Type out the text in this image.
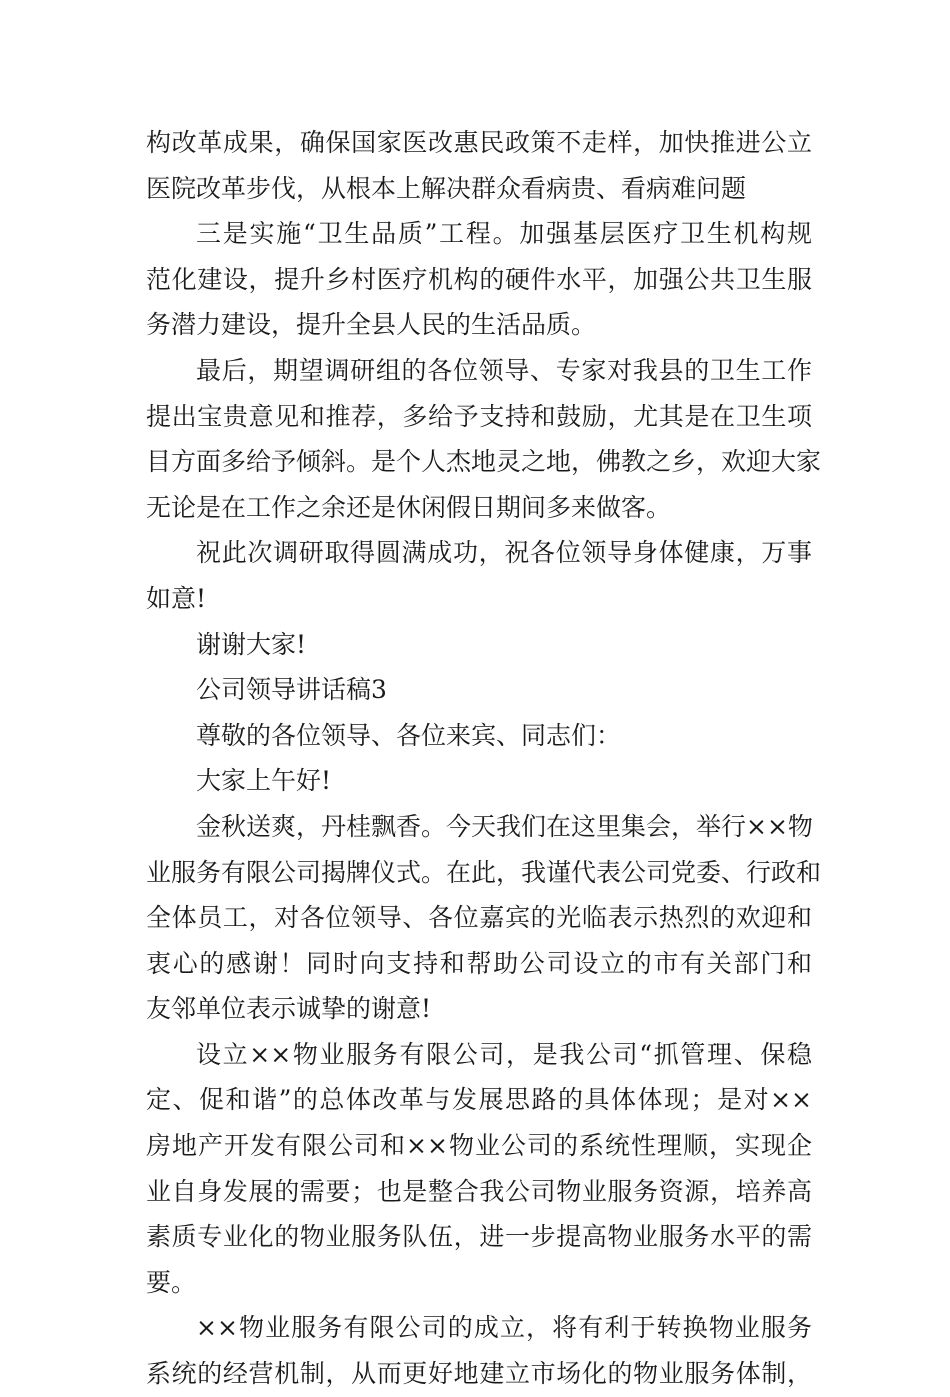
构改革成果，确保国家医改惠民政策不走样，加快推进公立
医院改革步伐，从根本上解决群众看病贵、看病难问题
三是实施“卫生品质”工程。加强基层医疗卫生机构规
范化建设，提升乡村医疗机构的硬件水平，加强公共卫生服
务潜力建设，提升全县人民的生活品质。
最后，期望调研组的各位领导、专家对我县的卫生工作
提出宝贵意见和推荐，多给予支持和鼓励，尤其是在卫生项
目方面多给予倾斜。是个人杰地灵之地，佛教之乡，欢迎大家
无论是在工作之余还是休闲假日期间多来做客。
祝此次调研取得圆满成功，祝各位领导身体健康，万事
如意!
谢谢大家!
公司领导讲话稿3
尊敬的各位领导、各位来宾、同志们：
大家上午好!
金秋送爽，丹桂飘香。今天我们在这里集会，举行××物
业服务有限公司揭牌仪式。在此，我谨代表公司党委、行政和
全体员工，对各位领导、各位嘉宾的光临表示热烈的欢迎和
衷心的感谢！同时向支持和帮助公司设立的市有关部门和
友邻单位表示诚挚的谢意!
设立××物业服务有限公司，是我公司“抓管理、保稳
定、促和谐”的总体改革与发展思路的具体体现；是对××
房地产开发有限公司和××物业公司的系统性理顺，实现企
业自身发展的需要；也是整合我公司物业服务资源，培养高
素质专业化的物业服务队伍，进一步提高物业服务水平的需
要。
××物业服务有限公司的成立，将有利于转换物业服务
系统的经营机制，从而更好地建立市场化的物业服务体制，
